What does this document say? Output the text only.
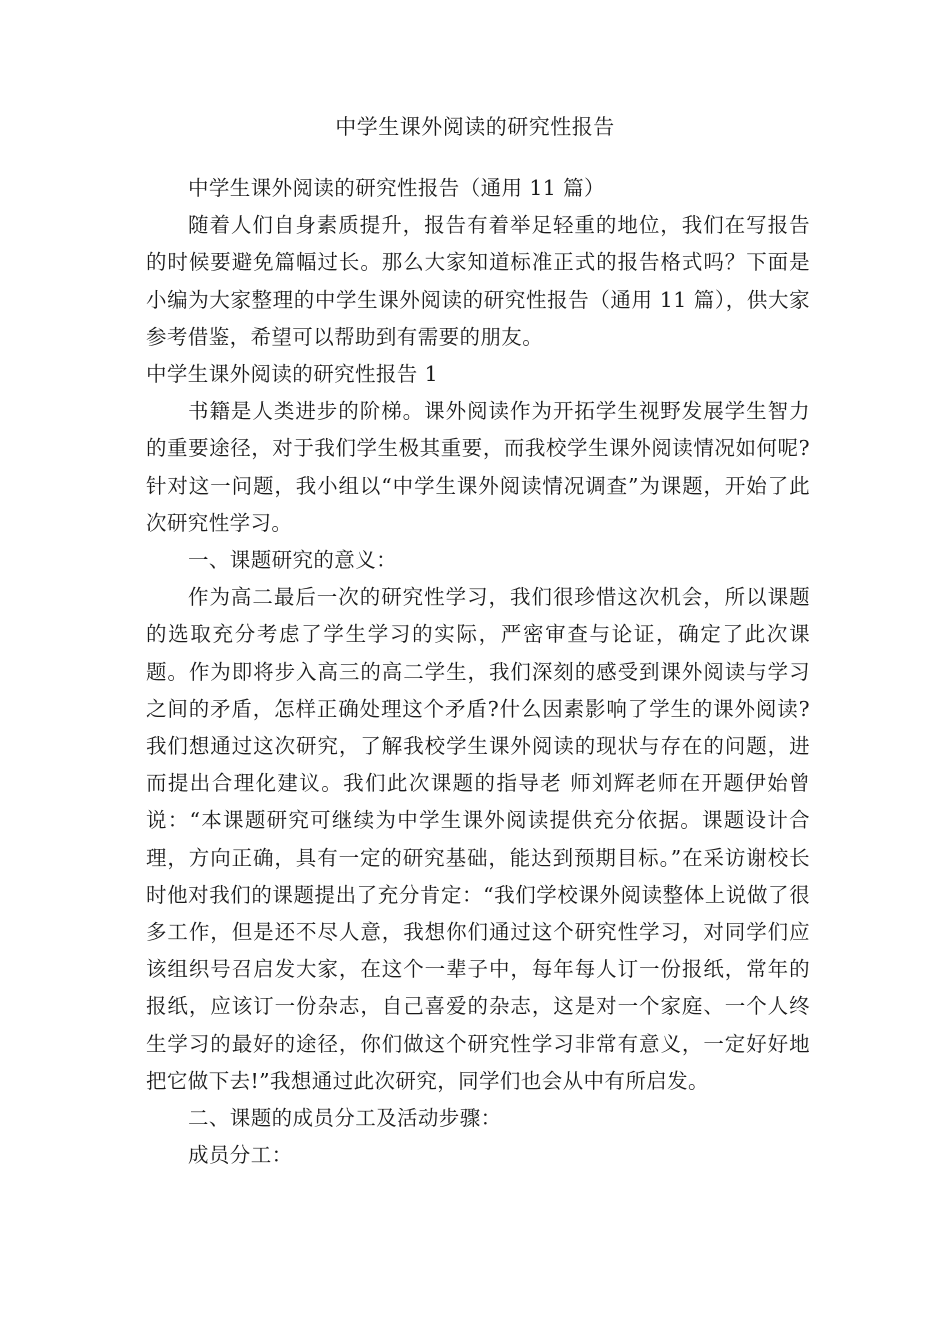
中学生课外阅读的研究性报告

中学生课外阅读的研究性报告（通用 11 篇）

随着人们自身素质提升，报告有着举足轻重的地位，我们在写报告的时候要避免篇幅过长。那么大家知道标准正式的报告格式吗？下面是小编为大家整理的中学生课外阅读的研究性报告（通用 11 篇），供大家参考借鉴，希望可以帮助到有需要的朋友。

中学生课外阅读的研究性报告 1

书籍是人类进步的阶梯。课外阅读作为开拓学生视野发展学生智力的重要途径，对于我们学生极其重要，而我校学生课外阅读情况如何呢?针对这一问题，我小组以“中学生课外阅读情况调查”为课题，开始了此次研究性学习。

一、课题研究的意义：

作为高二最后一次的研究性学习，我们很珍惜这次机会，所以课题的选取充分考虑了学生学习的实际，严密审查与论证，确定了此次课题。作为即将步入高三的高二学生，我们深刻的感受到课外阅读与学习之间的矛盾，怎样正确处理这个矛盾?什么因素影响了学生的课外阅读?我们想通过这次研究，了解我校学生课外阅读的现状与存在的问题，进而提出合理化建议。我们此次课题的指导老 师刘辉老师在开题伊始曾说：“本课题研究可继续为中学生课外阅读提供充分依据。课题设计合理，方向正确，具有一定的研究基础，能达到预期目标。”在采访谢校长时他对我们的课题提出了充分肯定：“我们学校课外阅读整体上说做了很多工作，但是还不尽人意，我想你们通过这个研究性学习，对同学们应该组织号召启发大家，在这个一辈子中，每年每人订一份报纸，常年的报纸，应该订一份杂志，自己喜爱的杂志，这是对一个家庭、一个人终生学习的最好的途径，你们做这个研究性学习非常有意义，一定好好地把它做下去!”我想通过此次研究，同学们也会从中有所启发。

二、课题的成员分工及活动步骤：

成员分工：
